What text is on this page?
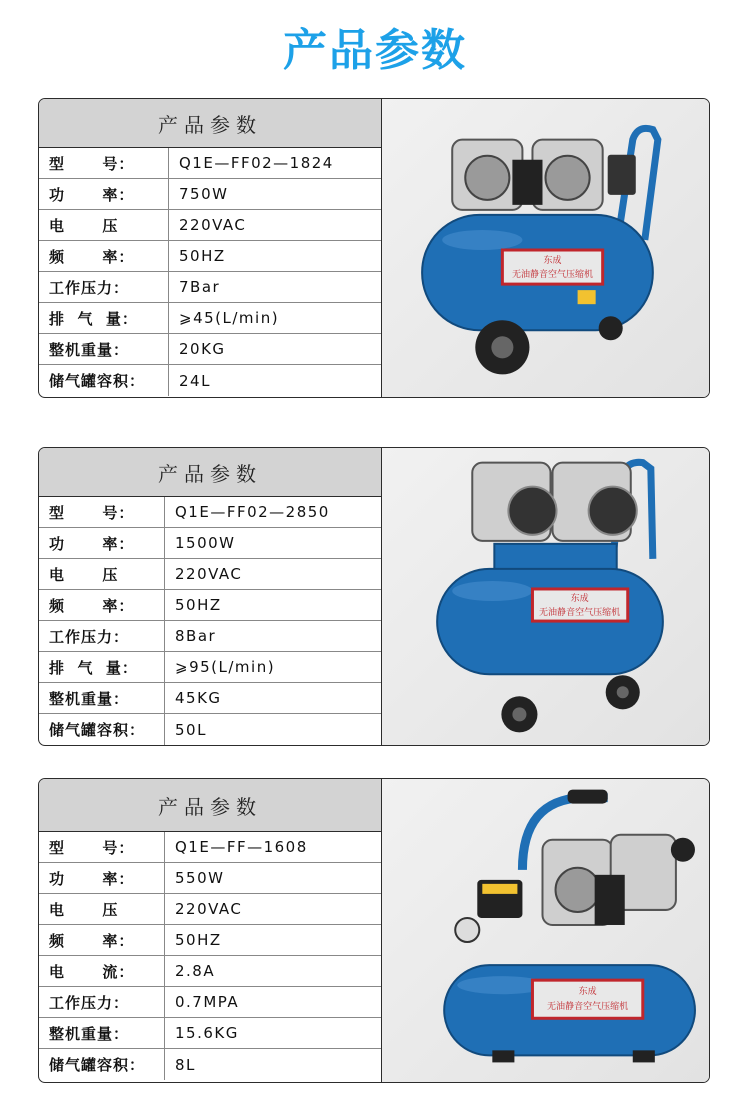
产品参数
产品参数
型      号：	Q1E—FF02—1824
功      率：	750W
电      压	220VAC
频      率：	50HZ
工作压力：	7Bar
排  气  量：	⩾45(L/min)
整机重量：	20KG
储气罐容积：	24L
东成
无油静音空气压缩机
产品参数
型      号：	Q1E—FF02—2850
功      率：	1500W
电      压	220VAC
频      率：	50HZ
工作压力：	8Bar
排  气  量：	⩾95(L/min)
整机重量：	45KG
储气罐容积：	50L
东成
无油静音空气压缩机
产品参数
型      号：	Q1E—FF—1608
功      率：	550W
电      压	220VAC
频      率：	50HZ
电      流：	2.8A
工作压力：	0.7MPA
整机重量：	15.6KG
储气罐容积：	8L
东成
无油静音空气压缩机
